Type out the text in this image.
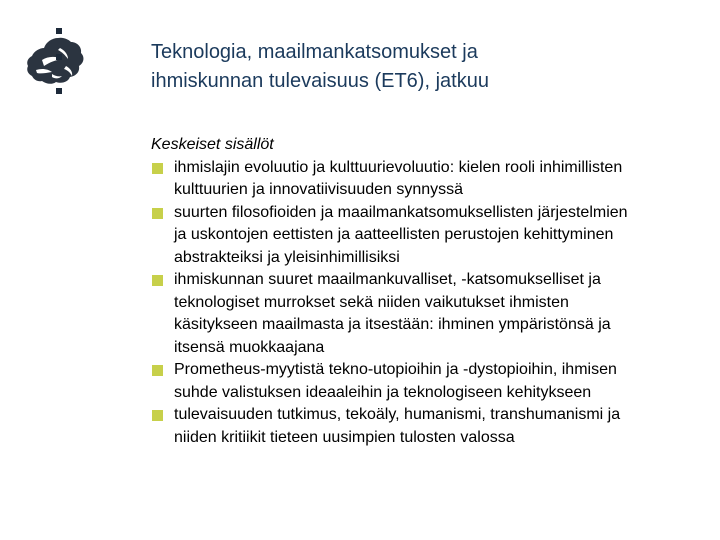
Teknologia, maailmankatsomukset ja
ihmiskunnan tulevaisuus (ET6), jatkuu
Keskeiset sisällöt
ihmislajin evoluutio ja kulttuurievoluutio: kielen rooli inhimillisten
kulttuurien ja innovatiivisuuden synnyssä
suurten filosofioiden ja maailmankatsomuksellisten järjestelmien
ja uskontojen eettisten ja aatteellisten perustojen kehittyminen
abstrakteiksi ja yleisinhimillisiksi
ihmiskunnan suuret maailmankuvalliset, -katsomukselliset ja
teknologiset murrokset sekä niiden vaikutukset ihmisten
käsitykseen maailmasta ja itsestään: ihminen ympäristönsä ja
itsensä muokkaajana
Prometheus-myytistä tekno-utopioihin ja ‑dystopioihin, ihmisen
suhde valistuksen ideaaleihin ja teknologiseen kehitykseen
tulevaisuuden tutkimus, tekoäly, humanismi, transhumanismi ja
niiden kritiikit tieteen uusimpien tulosten valossa
